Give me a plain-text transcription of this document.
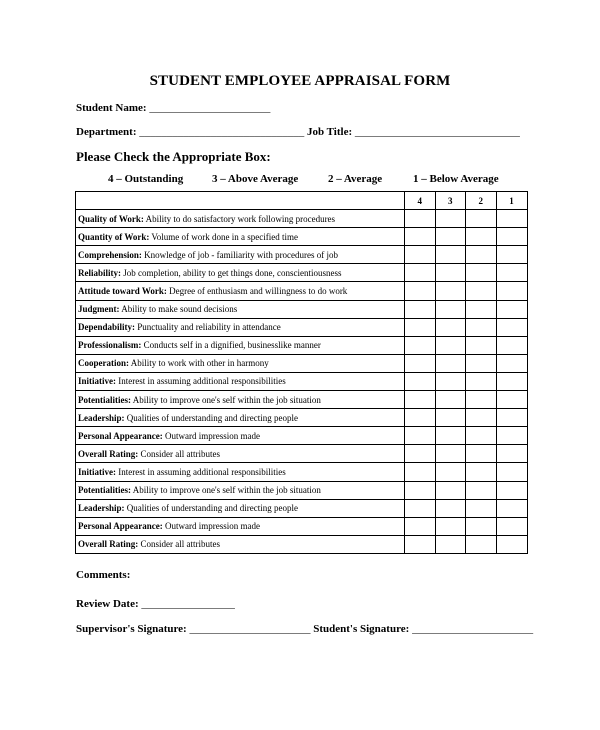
STUDENT EMPLOYEE APPRAISAL FORM
Student Name: ______________________
Department: ______________________________ Job Title: ______________________________
Please Check the Appropriate Box:
4 – Outstanding	3 – Above Average	2 – Average	1 – Below Average
	4	3	2	1
Quality of Work: Ability to do satisfactory work following procedures				
Quantity of Work: Volume of work done in a specified time				
Comprehension: Knowledge of job - familiarity with procedures of job				
Reliability: Job completion, ability to get things done, conscientiousness				
Attitude toward Work: Degree of enthusiasm and willingness to do work				
Judgment: Ability to make sound decisions				
Dependability: Punctuality and reliability in attendance				
Professionalism: Conducts self in a dignified, businesslike manner				
Cooperation: Ability to work with other in harmony				
Initiative: Interest in assuming additional responsibilities				
Potentialities: Ability to improve one's self within the job situation				
Leadership: Qualities of understanding and directing people				
Personal Appearance: Outward impression made				
Overall Rating: Consider all attributes				
Initiative: Interest in assuming additional responsibilities				
Potentialities: Ability to improve one's self within the job situation				
Leadership: Qualities of understanding and directing people				
Personal Appearance: Outward impression made				
Overall Rating: Consider all attributes				
Comments:
Review Date: _________________
Supervisor's Signature: ______________________ Student's Signature: ______________________
